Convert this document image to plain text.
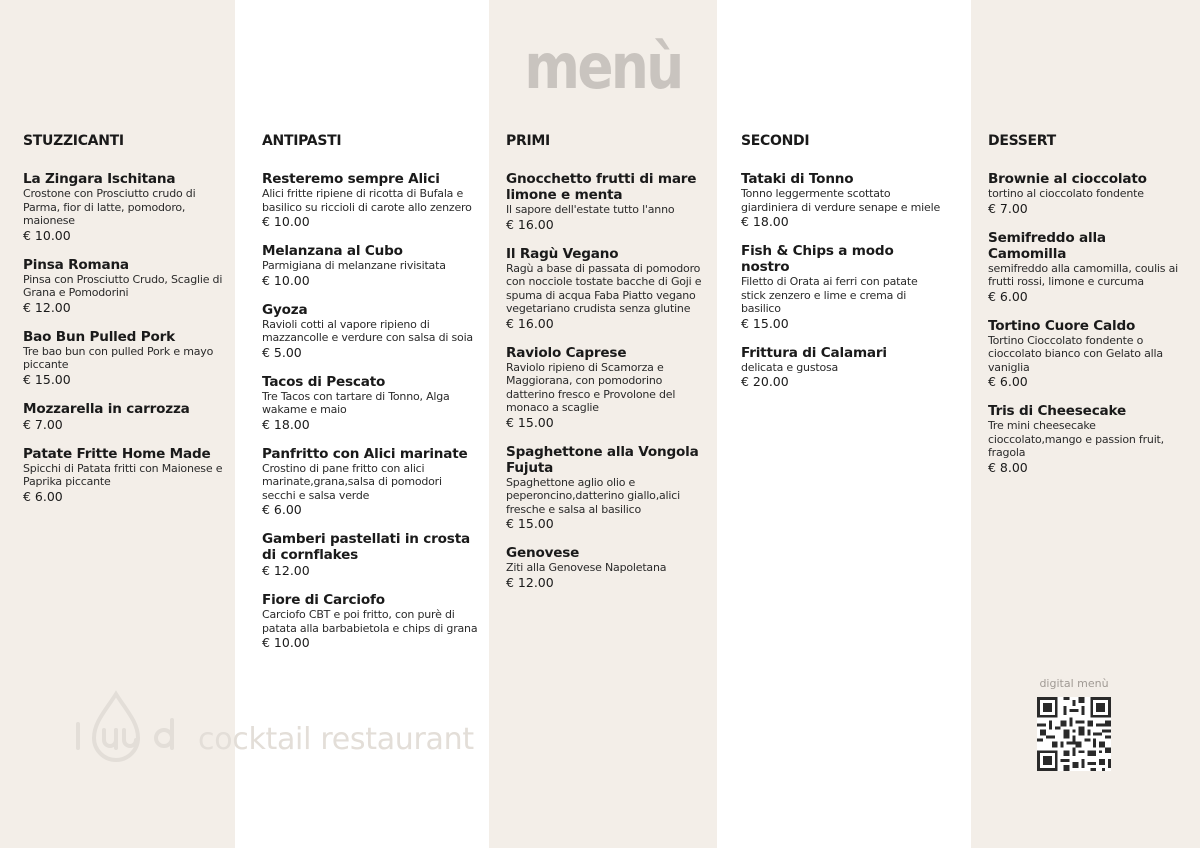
menù
STUZZICANTI
La Zingara Ischitana
Crostone con Prosciutto crudo di Parma, fior di latte, pomodoro, maionese
€ 10.00
Pinsa Romana
Pinsa con Prosciutto Crudo, Scaglie di Grana e Pomodorini
€ 12.00
Bao Bun Pulled Pork
Tre bao bun con pulled Pork e mayo piccante
€ 15.00
Mozzarella in carrozza
€ 7.00
Patate Fritte Home Made
Spicchi di Patata fritti con Maionese e Paprika piccante
€ 6.00
ANTIPASTI
Resteremo sempre Alici
Alici fritte ripiene di ricotta di Bufala e basilico su riccioli di carote allo zenzero
€ 10.00
Melanzana al Cubo
Parmigiana di melanzane rivisitata
€ 10.00
Gyoza
Ravioli cotti al vapore ripieno di mazzancolle e verdure con salsa di soia
€ 5.00
Tacos di Pescato
Tre Tacos con tartare di Tonno, Alga wakame e maio
€ 18.00
Panfritto con Alici marinate
Crostino di pane fritto con alici marinate,grana,salsa di pomodori secchi e salsa verde
€ 6.00
Gamberi pastellati in crosta di cornflakes
€ 12.00
Fiore di Carciofo
Carciofo CBT e poi fritto, con purè di patata alla barbabietola e chips di grana
€ 10.00
PRIMI
Gnocchetto frutti di mare limone e menta
Il sapore dell'estate tutto l'anno
€ 16.00
Il Ragù Vegano
Ragù a base di passata di pomodoro con nocciole tostate bacche di Goji e spuma di acqua Faba Piatto vegano vegetariano crudista senza glutine
€ 16.00
Raviolo Caprese
Raviolo ripieno di Scamorza e Maggiorana, con pomodorino datterino fresco e Provolone del monaco a scaglie
€ 15.00
Spaghettone alla Vongola Fujuta
Spaghettone aglio olio e peperoncino,datterino giallo,alici fresche e salsa al basilico
€ 15.00
Genovese
Ziti alla Genovese Napoletana
€ 12.00
SECONDI
Tataki di Tonno
Tonno leggermente scottato giardiniera di verdure senape e miele
€ 18.00
Fish & Chips a modo nostro
Filetto di Orata ai ferri con patate stick zenzero e lime e crema di basilico
€ 15.00
Frittura di Calamari
delicata e gustosa
€ 20.00
DESSERT
Brownie al cioccolato
tortino al cioccolato fondente
€ 7.00
Semifreddo alla Camomilla
semifreddo alla camomilla, coulis ai frutti rossi, limone e curcuma
€ 6.00
Tortino Cuore Caldo
Tortino Cioccolato fondente o cioccolato bianco con Gelato alla vaniglia
€ 6.00
Tris di Cheesecake
Tre mini cheesecake cioccolato,mango e passion fruit, fragola
€ 8.00
cocktail restaurant
digital menù
